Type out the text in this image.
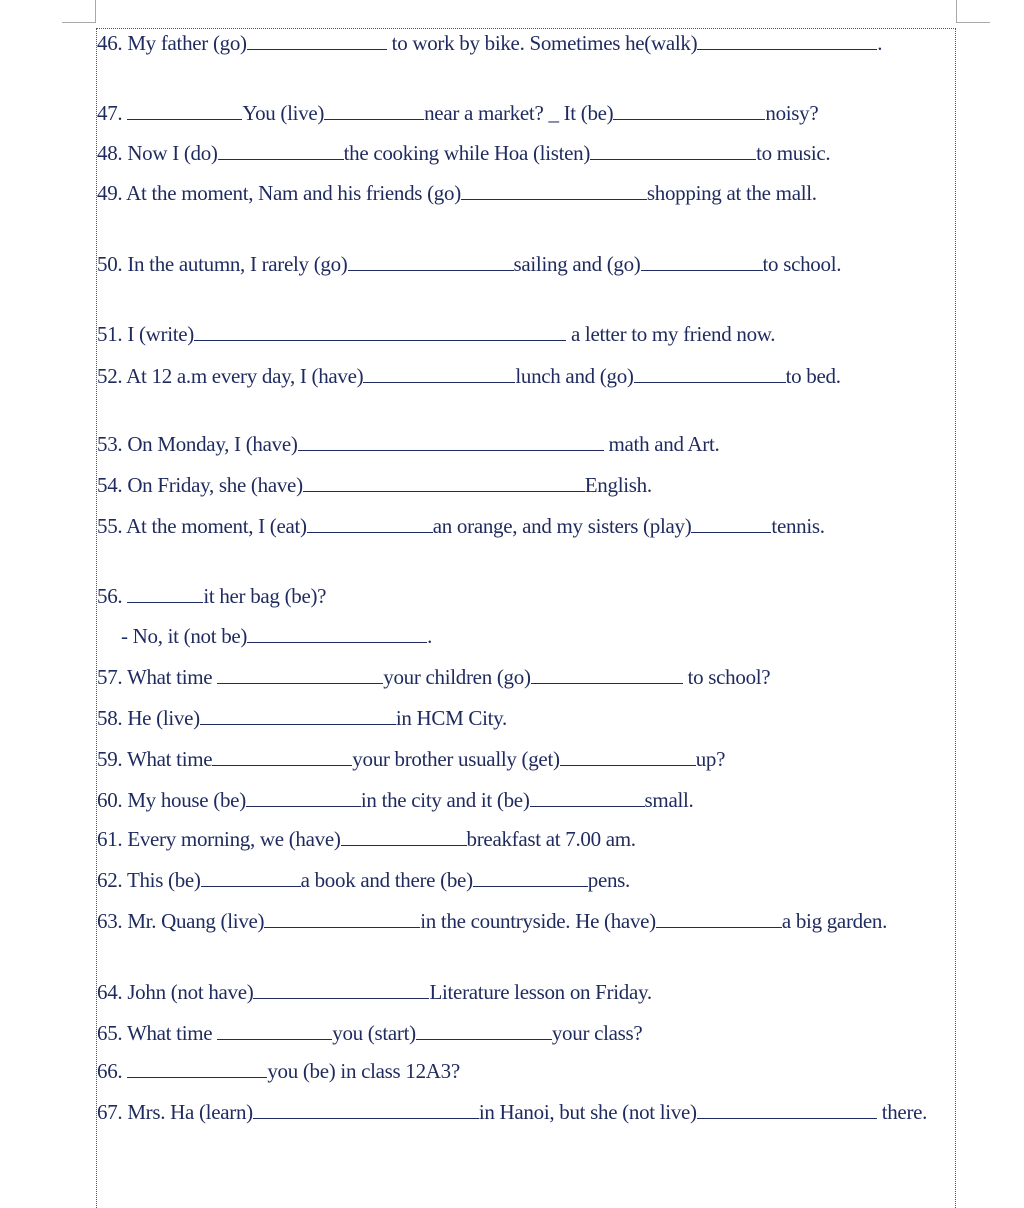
46. My father (go)	to work by bike. Sometimes he(walk)	.
47.	You (live)	near a market? _ It (be)	noisy?
48. Now I (do)	the cooking while Hoa (listen)	to music.
49. At the moment, Nam and his friends (go)	shopping at the mall.
50. In the autumn, I rarely (go)	sailing and (go)	to school.
51. I (write)	a letter to my friend now.
52. At 12 a.m every day, I (have)	lunch and (go)	to bed.
53. On Monday, I (have)	math and Art.
54. On Friday, she (have)	English.
55. At the moment, I (eat)	an orange, and my sisters (play)	tennis.
56.	it her bag (be)?
- No, it (not be)	.
57. What time	your children (go)	to school?
58. He (live)	in HCM City.
59. What time	your brother usually (get)	up?
60. My house (be)	in the city and it (be)	small.
61. Every morning, we (have)	breakfast at 7.00 am.
62. This (be)	a book and there (be)	pens.
63. Mr. Quang (live)	in the countryside. He (have)	a big garden.
64. John (not have)	Literature lesson on Friday.
65. What time	you (start)	your class?
66.	you (be) in class 12A3?
67. Mrs. Ha (learn)	in Hanoi, but she (not live)	there.
